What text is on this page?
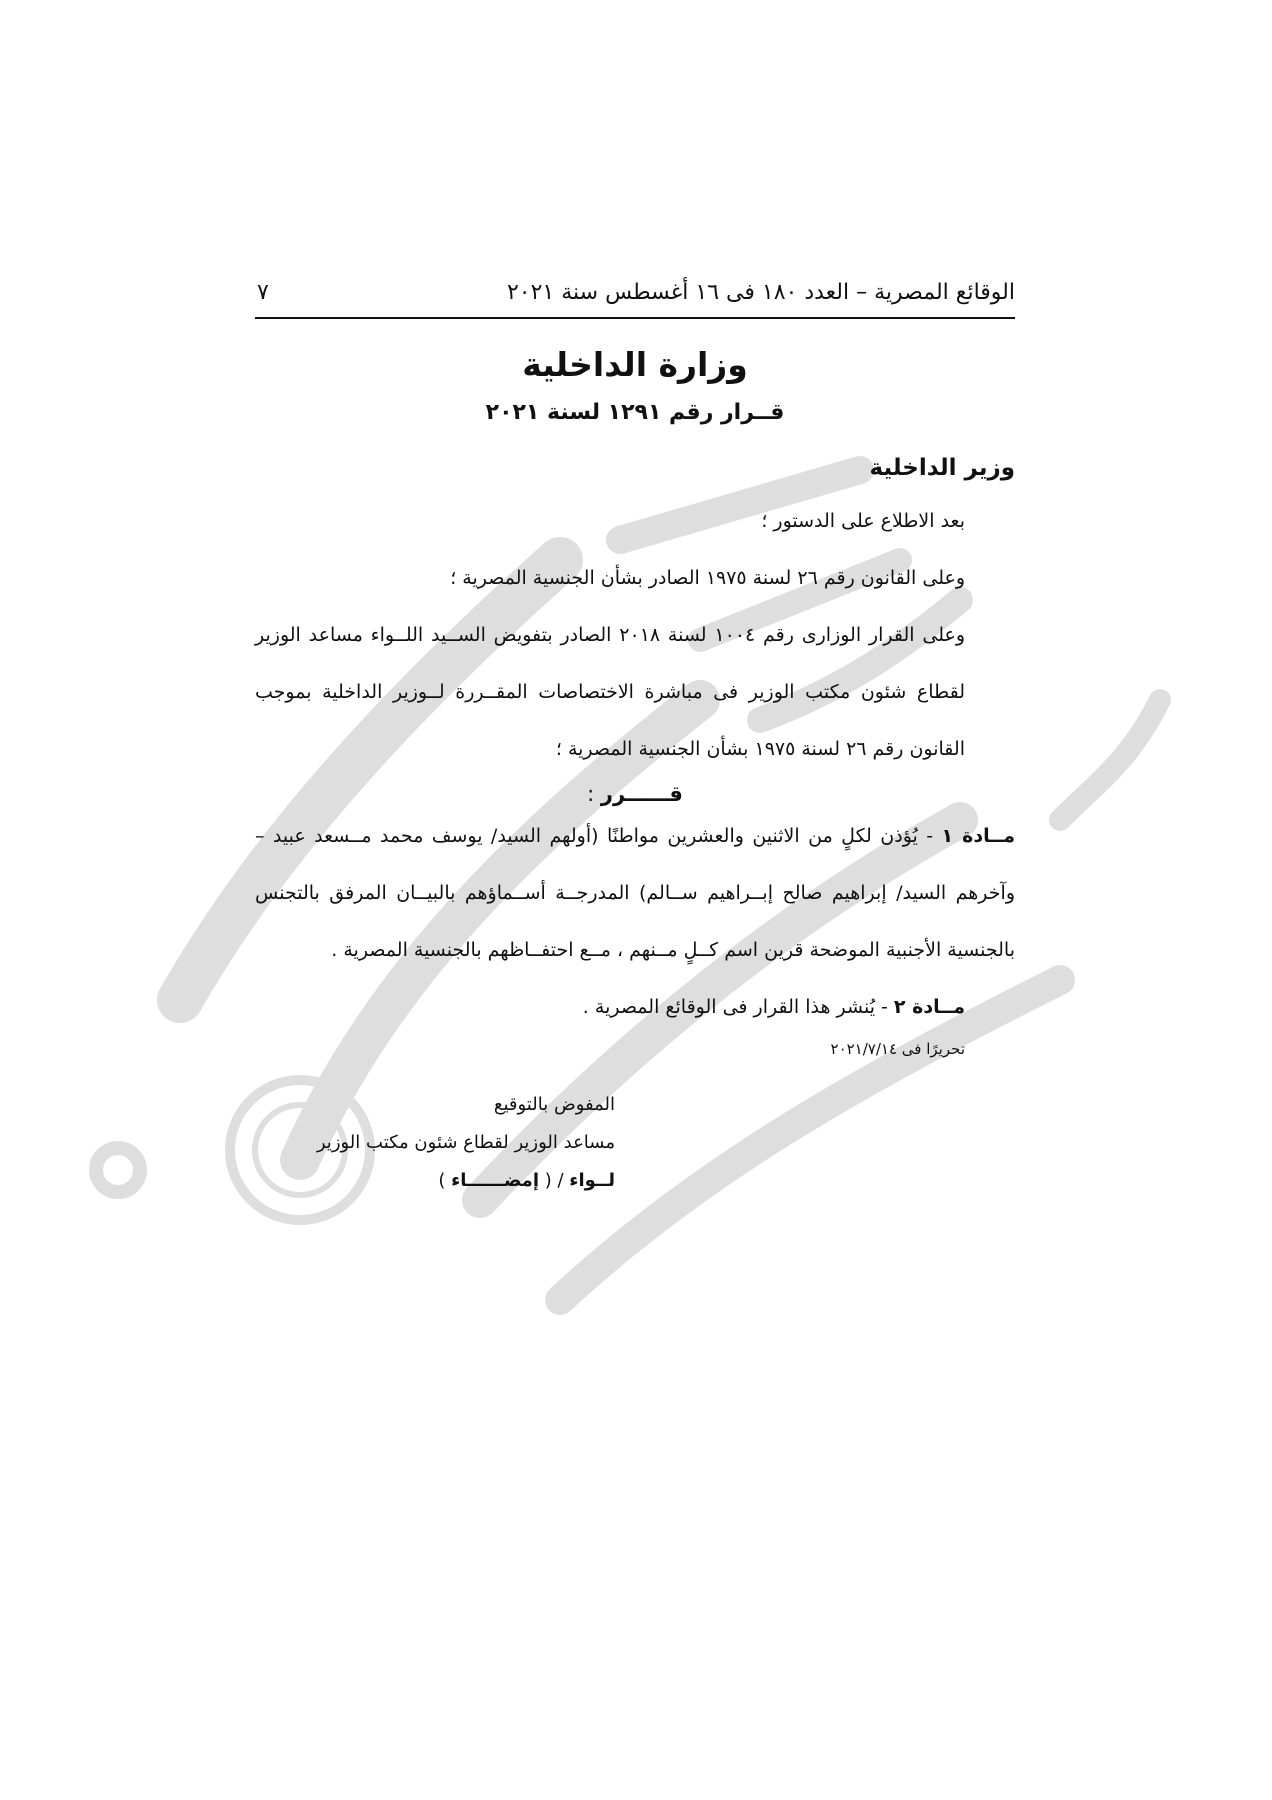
الوقائع المصرية – العدد ١٨٠ فى ١٦ أغسطس سنة ٢٠٢١
٧
وزارة الداخلية
قــرار رقم ١٢٩١ لسنة ٢٠٢١
وزير الداخلية
بعد الاطلاع على الدستور ؛
وعلى القانون رقم ٢٦ لسنة ١٩٧٥ الصادر بشأن الجنسية المصرية ؛
وعلى القرار الوزارى رقم ١٠٠٤ لسنة ٢٠١٨ الصادر بتفويض الســيد اللــواء مساعد الوزير لقطاع شئون مكتب الوزير فى مباشرة الاختصاصات المقــررة لــوزير الداخلية بموجب القانون رقم ٢٦ لسنة ١٩٧٥ بشأن الجنسية المصرية ؛
قــــــرر :
مــادة ١ - يُؤذن لكلٍ من الاثنين والعشرين مواطنًا (أولهم السيد/ يوسف محمد مــسعد عبيد – وآخرهم السيد/ إبراهيم صالح إبــراهيم ســالم) المدرجــة أســماؤهم بالبيــان المرفق بالتجنس بالجنسية الأجنبية الموضحة قرين اسم كــلٍ مــنهم ، مــع احتفــاظهم بالجنسية المصرية .
مــادة ٢ - يُنشر هذا القرار فى الوقائع المصرية .
تحريرًا فى ٢٠٢١/٧/١٤
المفوض بالتوقيع
مساعد الوزير لقطاع شئون مكتب الوزير
لــواء / ( إمضــــــاء )
